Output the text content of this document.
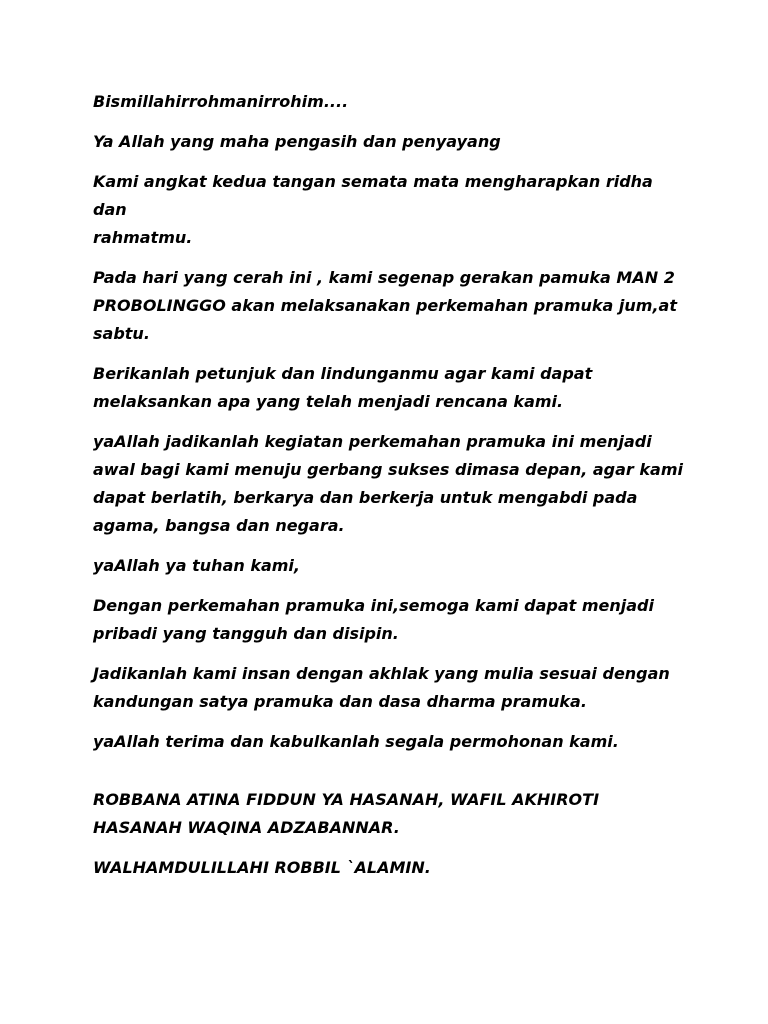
Bismillahirrohmanirrohim....

Ya Allah yang maha pengasih dan penyayang

Kami angkat kedua tangan semata mata mengharapkan ridha dan
rahmatmu.

Pada hari yang cerah ini , kami segenap gerakan pamuka MAN 2
PROBOLINGGO akan melaksanakan perkemahan pramuka jum,at
sabtu.

Berikanlah petunjuk dan lindunganmu agar kami dapat
melaksankan apa yang telah menjadi rencana kami.

yaAllah jadikanlah kegiatan perkemahan pramuka ini menjadi
awal bagi kami menuju gerbang sukses dimasa depan, agar kami
dapat berlatih, berkarya dan berkerja untuk mengabdi pada
agama, bangsa dan negara.

yaAllah ya tuhan kami,

Dengan perkemahan pramuka ini,semoga kami dapat menjadi
pribadi yang tangguh dan disipin.

Jadikanlah kami insan dengan akhlak yang mulia sesuai dengan
kandungan satya pramuka dan dasa dharma pramuka.

yaAllah terima dan kabulkanlah segala permohonan kami.

ROBBANA ATINA FIDDUN YA HASANAH, WAFIL AKHIROTI
HASANAH WAQINA ADZABANNAR.

WALHAMDULILLAHI ROBBIL `ALAMIN.
